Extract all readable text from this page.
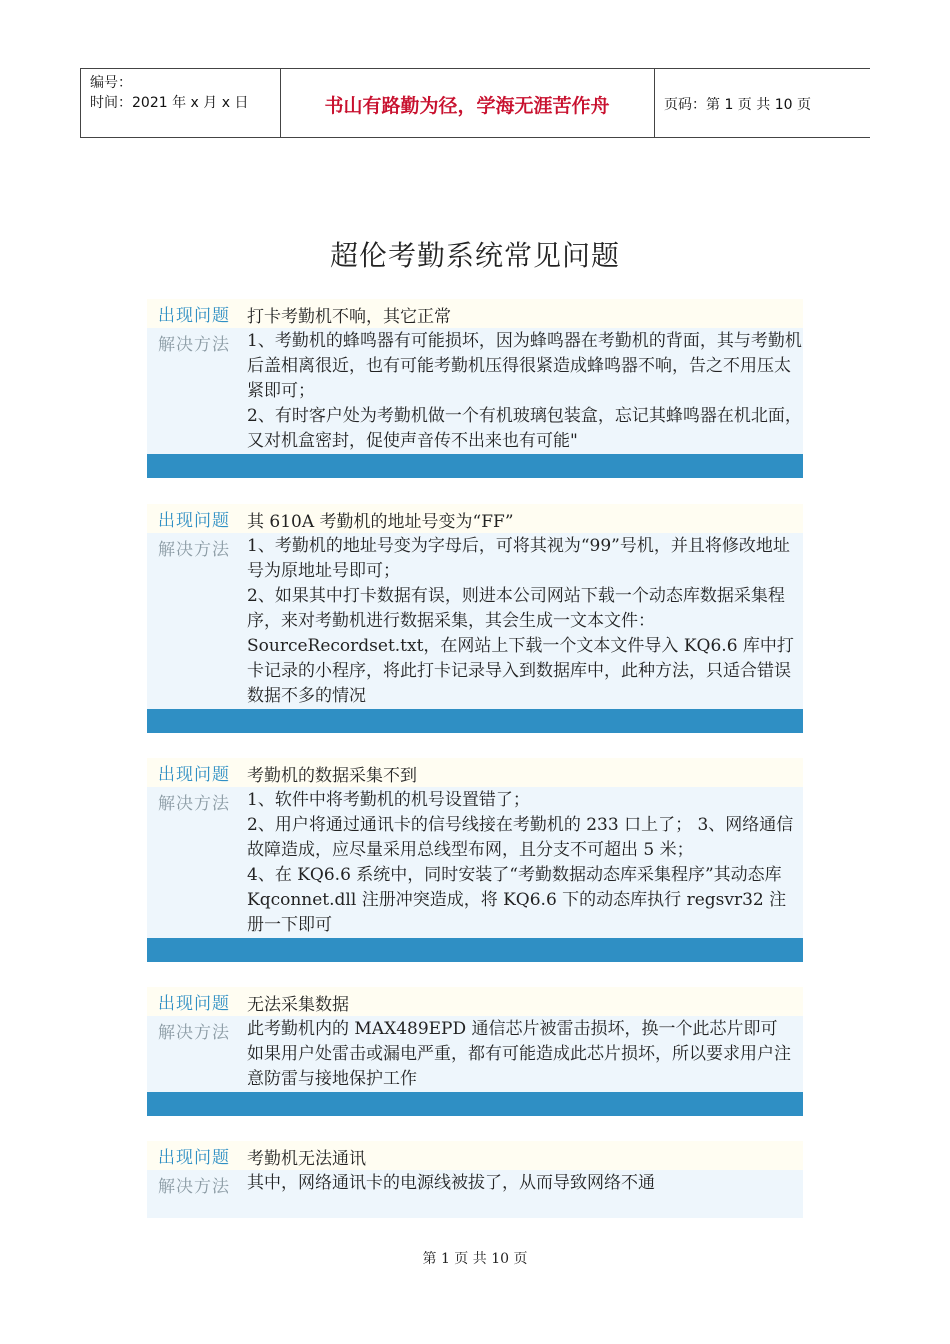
编号：
时间：2021 年 x 月 x 日	书山有路勤为径，学海无涯苦作舟	页码：第 1 页 共 10 页
超伦考勤系统常见问题
出现问题 打卡考勤机不响，其它正常
解决方法 1、考勤机的蜂鸣器有可能损坏，因为蜂鸣器在考勤机的背面，其与考勤机后盖相离很近，也有可能考勤机压得很紧造成蜂鸣器不响，告之不用压太紧即可；

2、有时客户处为考勤机做一个有机玻璃包装盒，忘记其蜂鸣器在机北面，又对机盒密封，促使声音传不出来也有可能"

出现问题 其 610A 考勤机的地址号变为“FF”
解决方法 1、考勤机的地址号变为字母后，可将其视为“99”号机，并且将修改地址号为原地址号即可；

2、如果其中打卡数据有误，则进本公司网站下载一个动态库数据采集程序，来对考勤机进行数据采集，其会生成一文本文件：SourceRecordset.txt，在网站上下载一个文本文件导入 KQ6.6 库中打卡记录的小程序，将此打卡记录导入到数据库中，此种方法，只适合错误数据不多的情况

出现问题 考勤机的数据采集不到
解决方法 1、软件中将考勤机的机号设置错了；

2、用户将通过通讯卡的信号线接在考勤机的 233 口上了； 3、网络通信故障造成，应尽量采用总线型布网，且分支不可超出 5 米；

4、在 KQ6.6 系统中，同时安装了“考勤数据动态库采集程序”其动态库 Kqconnet.dll 注册冲突造成，将 KQ6.6 下的动态库执行 regsvr32 注册一下即可

出现问题 无法采集数据
解决方法 此考勤机内的 MAX489EPD 通信芯片被雷击损坏，换一个此芯片即可

如果用户处雷击或漏电严重，都有可能造成此芯片损坏，所以要求用户注意防雷与接地保护工作

出现问题 考勤机无法通讯
解决方法 其中，网络通讯卡的电源线被拔了，从而导致网络不通

第 1 页 共 10 页
